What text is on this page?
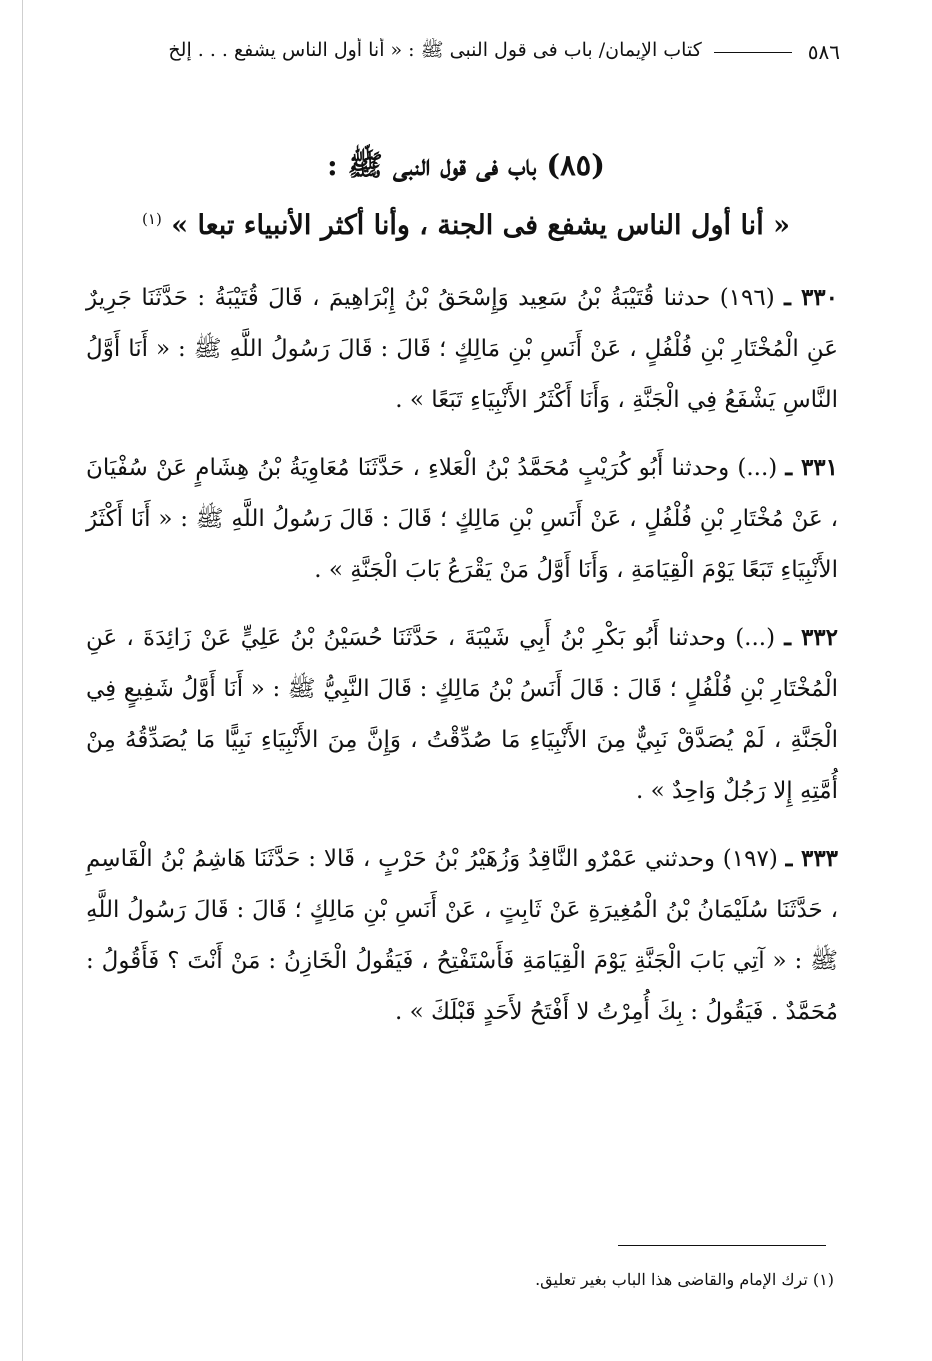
٥٨٦
كتاب الإيمان/ باب فى قول النبى ﷺ : « أنا أول الناس يشفع . . . إلخ
(٨٥) باب فى قول النبى ﷺ :
« أنا أول الناس يشفع فى الجنة ، وأنا أكثر الأنبياء تبعا » $^{(١)}$

٣٣٠ ـ (١٩٦) حدثنا قُتَيْبَةُ بْنُ سَعِيد وَإِسْحَقُ بْنُ إِبْرَاهِيمَ ، قَالَ قُتَيْبَةُ : حَدَّثَنَا جَرِيرٌ عَنِ الْمُخْتَارِ بْنِ فُلْفُلٍ ، عَنْ أَنَسِ بْنِ مَالِكٍ ؛ قَالَ : قَالَ رَسُولُ اللَّهِ ﷺ : « أَنَا أَوَّلُ النَّاسِ يَشْفَعُ فِي الْجَنَّةِ ، وَأَنَا أَكْثَرُ الأَنْبِيَاءِ تَبَعًا » .

٣٣١ ـ (...) وحدثنا أَبُو كُرَيْبٍ مُحَمَّدُ بْنُ الْعَلاءِ ، حَدَّثَنَا مُعَاوِيَةُ بْنُ هِشَامٍ عَنْ سُفْيَانَ ، عَنْ مُخْتَارِ بْنِ فُلْفُلٍ ، عَنْ أَنَسِ بْنِ مَالِكٍ ؛ قَالَ : قَالَ رَسُولُ اللَّهِ ﷺ : « أَنَا أَكْثَرُ الأَنْبِيَاءِ تَبَعًا يَوْمَ الْقِيَامَةِ ، وَأَنَا أَوَّلُ مَنْ يَقْرَعُ بَابَ الْجَنَّةِ » .

٣٣٢ ـ (...) وحدثنا أَبُو بَكْرِ بْنُ أَبِي شَيْبَةَ ، حَدَّثَنَا حُسَيْنُ بْنُ عَلِيٍّ عَنْ زَائِدَةَ ، عَنِ الْمُخْتَارِ بْنِ فُلْفُلٍ ؛ قَالَ : قَالَ أَنَسُ بْنُ مَالِكٍ : قَالَ النَّبِيُّ ﷺ : « أَنَا أَوَّلُ شَفِيعٍ فِي الْجَنَّةِ ، لَمْ يُصَدَّقْ نَبِيٌّ مِنَ الأَنْبِيَاءِ مَا صُدِّقْتُ ، وَإِنَّ مِنَ الأَنْبِيَاءِ نَبِيًّا مَا يُصَدِّقُهُ مِنْ أُمَّتِهِ إِلا رَجُلٌ وَاحِدٌ » .

٣٣٣ ـ (١٩٧) وحدثني عَمْرٌو النَّاقِدُ وَزُهَيْرُ بْنُ حَرْبٍ ، قَالا : حَدَّثَنَا هَاشِمُ بْنُ الْقَاسِمِ ، حَدَّثَنَا سُلَيْمَانُ بْنُ الْمُغِيرَةِ عَنْ ثَابِتٍ ، عَنْ أَنَسِ بْنِ مَالِكٍ ؛ قَالَ : قَالَ رَسُولُ اللَّهِ ﷺ : « آتِي بَابَ الْجَنَّةِ يَوْمَ الْقِيَامَةِ فَأَسْتَفْتِحُ ، فَيَقُولُ الْخَازِنُ : مَنْ أَنْتَ ؟ فَأَقُولُ : مُحَمَّدٌ . فَيَقُولُ : بِكَ أُمِرْتُ لا أَفْتَحُ لأَحَدٍ قَبْلَكَ » .

(١) ترك الإمام والقاضى هذا الباب بغير تعليق.
